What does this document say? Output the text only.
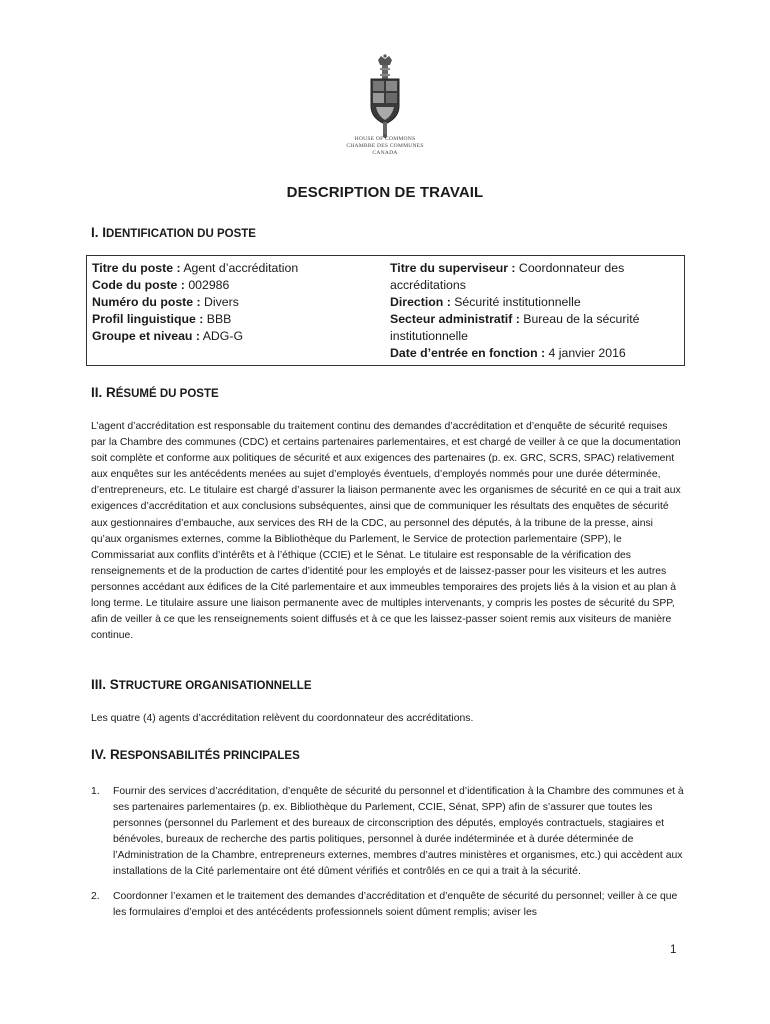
HOUSE OF COMMONS
CHAMBRE DES COMMUNES
CANADA
DESCRIPTION DE TRAVAIL
I. IDENTIFICATION DU POSTE
Titre du poste : Agent d’accréditation
Code du poste : 002986
Numéro du poste : Divers
Profil linguistique : BBB
Groupe et niveau : ADG-G
Titre du superviseur : Coordonnateur des accréditations
Direction : Sécurité institutionnelle
Secteur administratif : Bureau de la sécurité institutionnelle
Date d’entrée en fonction : 4 janvier 2016
II. RÉSUMÉ DU POSTE
L’agent d’accréditation est responsable du traitement continu des demandes d’accréditation et d’enquête de sécurité requises par la Chambre des communes (CDC) et certains partenaires parlementaires, et est chargé de veiller à ce que la documentation soit complète et conforme aux politiques de sécurité et aux exigences des partenaires (p. ex. GRC, SCRS, SPAC) relativement aux enquêtes sur les antécédents menées au sujet d’employés éventuels, d’employés nommés pour une durée déterminée, d’entrepreneurs, etc. Le titulaire est chargé d’assurer la liaison permanente avec les organismes de sécurité en ce qui a trait aux exigences d’accréditation et aux conclusions subséquentes, ainsi que de communiquer les résultats des enquêtes de sécurité aux gestionnaires d’embauche, aux services des RH de la CDC, au personnel des députés, à la tribune de la presse, ainsi qu’aux organismes externes, comme la Bibliothèque du Parlement, le Service de protection parlementaire (SPP), le Commissariat aux conflits d’intérêts et à l’éthique (CCIE) et le Sénat. Le titulaire est responsable de la vérification des renseignements et de la production de cartes d’identité pour les employés et de laissez-passer pour les visiteurs et les autres personnes accédant aux édifices de la Cité parlementaire et aux immeubles temporaires des projets liés à la vision et au plan à long terme. Le titulaire assure une liaison permanente avec de multiples intervenants, y compris les postes de sécurité du SPP, afin de veiller à ce que les renseignements soient diffusés et à ce que les laissez-passer soient remis aux visiteurs de manière continue.
III. STRUCTURE ORGANISATIONNELLE
Les quatre (4) agents d’accréditation relèvent du coordonnateur des accréditations.
IV. RESPONSABILITÉS PRINCIPALES
1. Fournir des services d’accréditation, d’enquête de sécurité du personnel et d’identification à la Chambre des communes et à ses partenaires parlementaires (p. ex. Bibliothèque du Parlement, CCIE, Sénat, SPP) afin de s’assurer que toutes les personnes (personnel du Parlement et des bureaux de circonscription des députés, employés contractuels, stagiaires et bénévoles, bureaux de recherche des partis politiques, personnel à durée indéterminée et à durée déterminée de l’Administration de la Chambre, entrepreneurs externes, membres d’autres ministères et organismes, etc.) qui accèdent aux installations de la Cité parlementaire ont été dûment vérifiés et contrôlés en ce qui a trait à la sécurité.
2. Coordonner l’examen et le traitement des demandes d’accréditation et d’enquête de sécurité du personnel; veiller à ce que les formulaires d’emploi et des antécédents professionnels soient dûment remplis; aviser les
1
